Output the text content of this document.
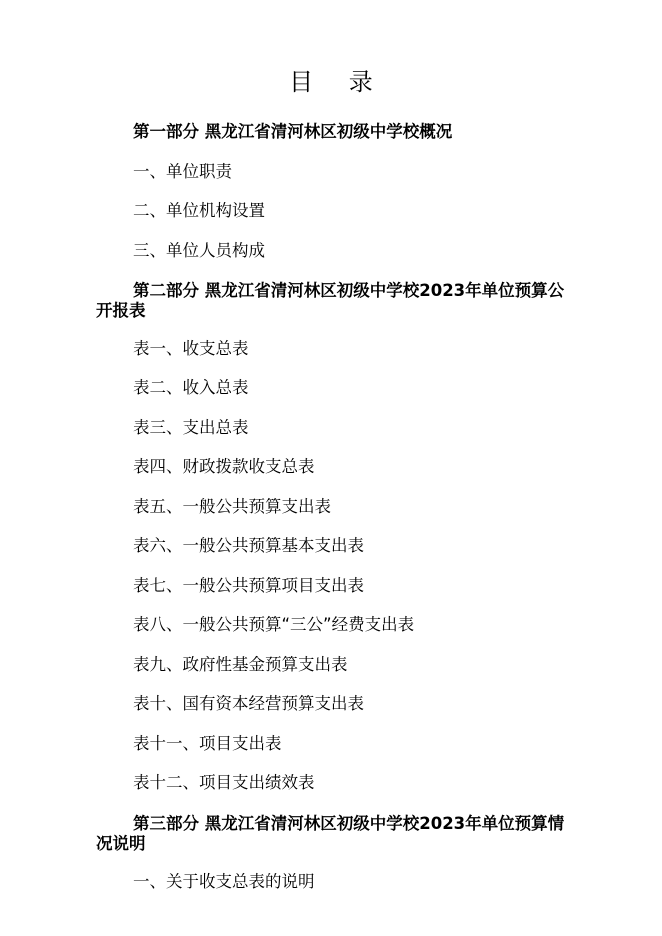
目 录
第一部分 黑龙江省清河林区初级中学校概况
一、单位职责
二、单位机构设置
三、单位人员构成
第二部分 黑龙江省清河林区初级中学校2023年单位预算公开报表
表一、收支总表
表二、收入总表
表三、支出总表
表四、财政拨款收支总表
表五、一般公共预算支出表
表六、一般公共预算基本支出表
表七、一般公共预算项目支出表
表八、一般公共预算“三公”经费支出表
表九、政府性基金预算支出表
表十、国有资本经营预算支出表
表十一、项目支出表
表十二、项目支出绩效表
第三部分 黑龙江省清河林区初级中学校2023年单位预算情况说明
一、关于收支总表的说明
